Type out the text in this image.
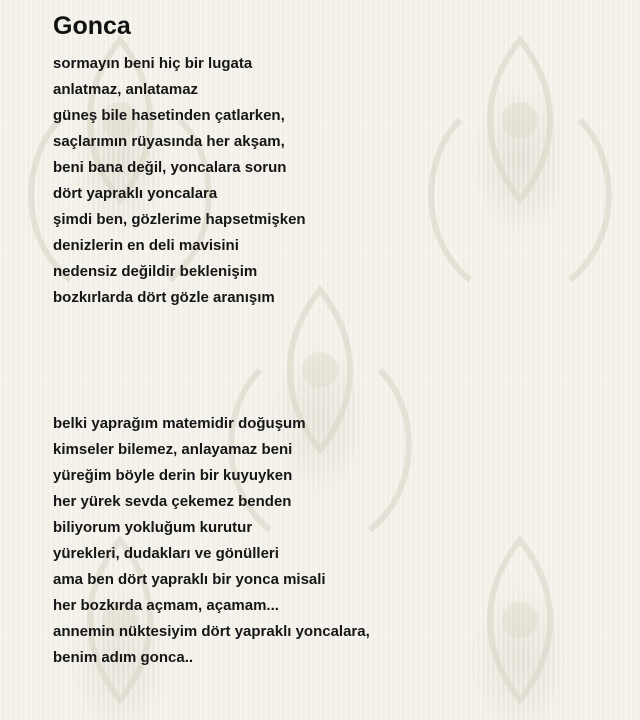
Gonca
sormayın beni hiç bir lugata
anlatmaz, anlatamaz
güneş bile hasetinden çatlarken,
saçlarımın rüyasında her akşam,
beni bana değil, yoncalara sorun
dört yapraklı yoncalara
şimdi ben, gözlerime hapsetmişken
denizlerin en deli mavisini
nedensiz değildir beklenişim
bozkırlarda dört gözle aranışım
belki yaprağım matemidir doğuşum
kimseler bilemez, anlayamaz beni
yüreğim böyle derin bir kuyuyken
her yürek sevda çekemez benden
biliyorum yokluğum kurutur
yürekleri, dudakları ve gönülleri
ama ben dört yapraklı bir yonca misali
her bozkırda açmam, açamam...
annemin nüktesiyim dört yapraklı yoncalara,
benim adım gonca..
